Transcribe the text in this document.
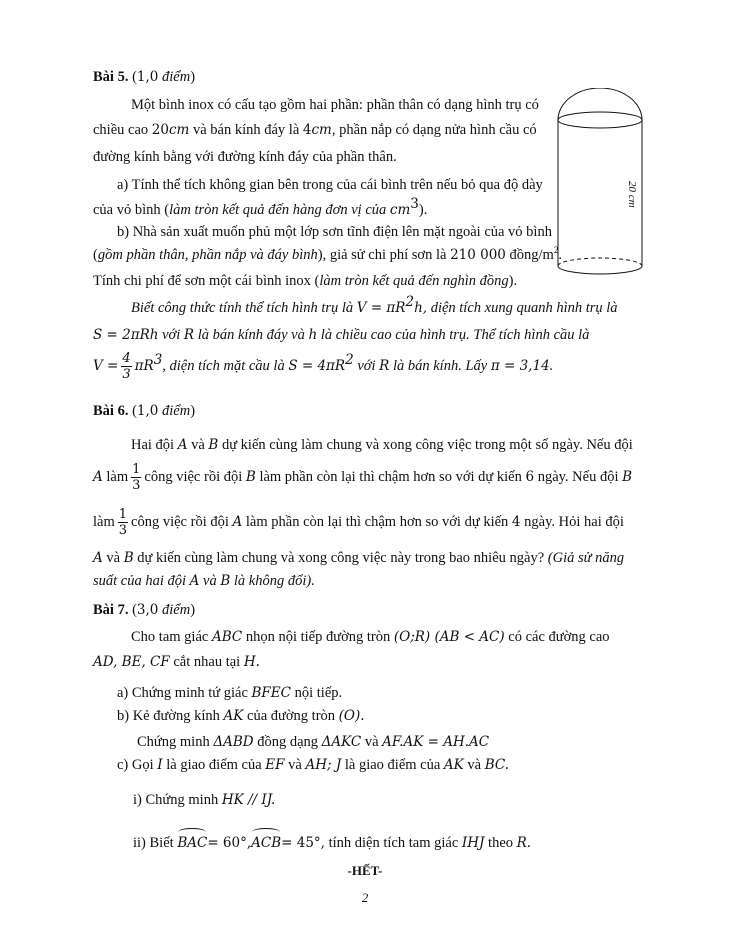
Bài 5. (1,0 điểm)
Một bình inox có cấu tạo gồm hai phần: phần thân có dạng hình trụ có
chiều cao 20cm và bán kính đáy là 4cm, phần nắp có dạng nửa hình cầu có
đường kính bằng với đường kính đáy của phần thân.
a) Tính thể tích không gian bên trong của cái bình trên nếu bỏ qua độ dày
của vỏ bình (làm tròn kết quả đến hàng đơn vị của $cm^3$).
b) Nhà sản xuất muốn phủ một lớp sơn tĩnh điện lên mặt ngoài của vỏ bình
(gồm phần thân, phần nắp và đáy bình), giả sử chi phí sơn là 210 000 đồng/$m^2$.
Tính chi phí để sơn một cái bình inox (làm tròn kết quả đến nghìn đồng).
Biết công thức tính thể tích hình trụ là $V = \pi R^2h$, diện tích xung quanh hình trụ là
S = 2πRh với R là bán kính đáy và h là chiều cao của hình trụ. Thể tích hình cầu là
$V = \frac{4}{3} \pi R^3$, diện tích mặt cầu là $S = 4\pi R^2$ với R là bán kính. Lấy π = 3,14.
20 cm
Bài 6. (1,0 điểm)
Hai đội A và B dự kiến cùng làm chung và xong công việc trong một số ngày. Nếu đội
A làm $\frac{1}{3}$ công việc rồi đội B làm phần còn lại thì chậm hơn so với dự kiến 6 ngày. Nếu đội B
làm $\frac{1}{3}$ công việc rồi đội A làm phần còn lại thì chậm hơn so với dự kiến 4 ngày. Hỏi hai đội
A và B dự kiến cùng làm chung và xong công việc này trong bao nhiêu ngày? (Giả sử năng
suất của hai đội A và B là không đổi).
Bài 7. (3,0 điểm)
Cho tam giác ABC nhọn nội tiếp đường tròn (O;R) (AB < AC) có các đường cao
AD, BE, CF cắt nhau tại H.
a) Chứng minh tứ giác BFEC nội tiếp.
b) Kẻ đường kính AK của đường tròn (O).
Chứng minh ΔABD đồng dạng ΔAKC và AF.AK = AH.AC
c) Gọi I là giao điểm của EF và AH; J là giao điểm của AK và BC.
i) Chứng minh HK // IJ.
ii) Biết BAC= 60°,ACB= 45°, tính diện tích tam giác IHJ theo R.
-HẾT-
2
